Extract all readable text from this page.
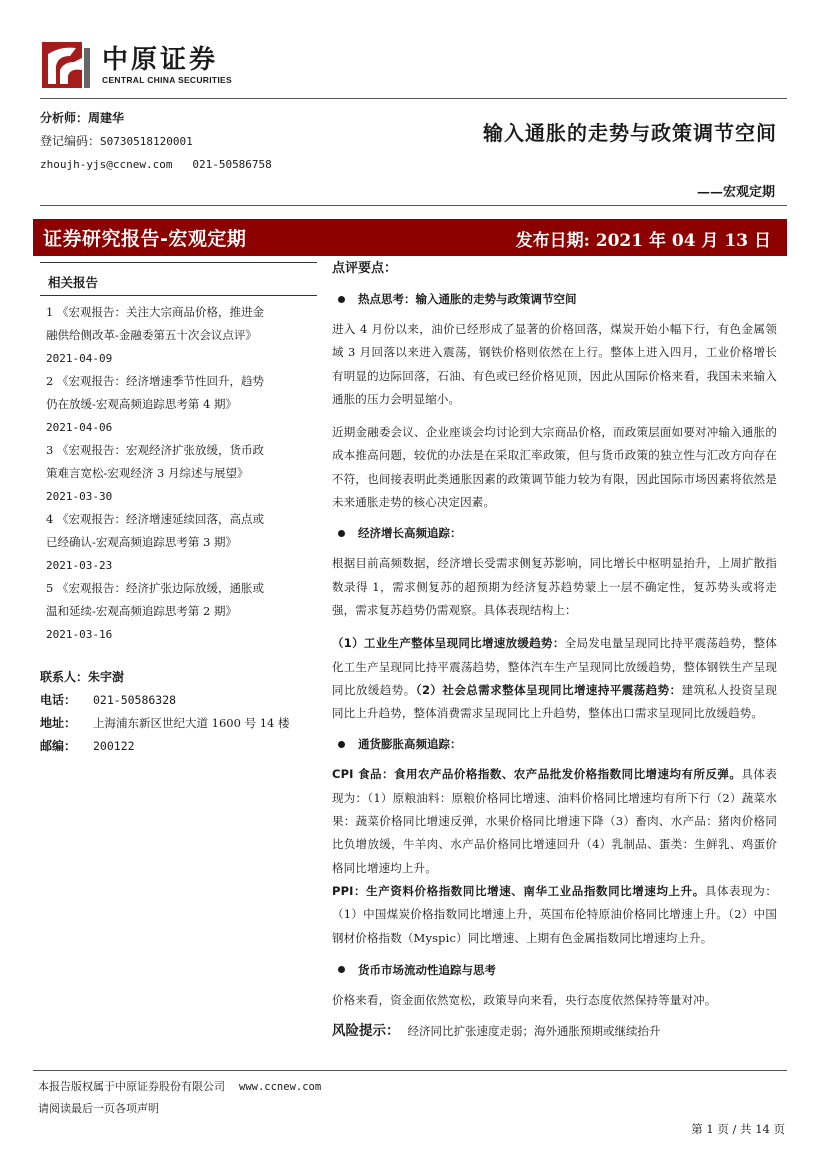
中原证券
CENTRAL CHINA SECURITIES
分析师：周建华
登记编码：S0730518120001
zhoujh-yjs@ccnew.com 021-50586758
输入通胀的走势与政策调节空间
——宏观定期
证券研究报告-宏观定期	发布日期: 2021 年 04 月 13 日
相关报告
1 《宏观报告：关注大宗商品价格，推进金
融供给侧改革-金融委第五十次会议点评》
2021-04-09
2 《宏观报告：经济增速季节性回升，趋势
仍在放缓-宏观高频追踪思考第 4 期》
2021-04-06
3 《宏观报告：宏观经济扩张放缓，货币政
策难言宽松-宏观经济 3 月综述与展望》
2021-03-30
4 《宏观报告：经济增速延续回落，高点或
已经确认-宏观高频追踪思考第 3 期》
2021-03-23
5 《宏观报告：经济扩张边际放缓，通胀或
温和延续-宏观高频追踪思考第 2 期》
2021-03-16
联系人： 朱宇澍
电话：	021-50586328
地址：	上海浦东新区世纪大道 1600 号 14 楼
邮编：	200122
点评要点：
热点思考：输入通胀的走势与政策调节空间

进入 4 月份以来，油价已经形成了显著的价格回落，煤炭开始小幅下行，有色金属领域 3 月回落以来进入震荡，钢铁价格则依然在上行。整体上进入四月，工业价格增长有明显的边际回落，石油、有色或已经价格见顶，因此从国际价格来看，我国未来输入通胀的压力会明显缩小。

近期金融委会议、企业座谈会均讨论到大宗商品价格，而政策层面如要对冲输入通胀的成本推高问题，较优的办法是在采取汇率政策，但与货币政策的独立性与汇改方向存在不符，也间接表明此类通胀因素的政策调节能力较为有限，因此国际市场因素将依然是未来通胀走势的核心决定因素。

经济增长高频追踪：

根据目前高频数据，经济增长受需求侧复苏影响，同比增长中枢明显抬升，上周扩散指数录得 1，需求侧复苏的超预期为经济复苏趋势蒙上一层不确定性，复苏势头或将走强，需求复苏趋势仍需观察。具体表现结构上：

（1）工业生产整体呈现同比增速放缓趋势：全局发电量呈现同比持平震荡趋势，整体化工生产呈现同比持平震荡趋势，整体汽车生产呈现同比放缓趋势，整体钢铁生产呈现同比放缓趋势。（2）社会总需求整体呈现同比增速持平震荡趋势：建筑私人投资呈现同比上升趋势，整体消费需求呈现同比上升趋势，整体出口需求呈现同比放缓趋势。

通货膨胀高频追踪：

CPI 食品：食用农产品价格指数、农产品批发价格指数同比增速均有所反弹。具体表现为：（1）原粮油料：原粮价格同比增速、油料价格同比增速均有所下行（2）蔬菜水果：蔬菜价格同比增速反弹，水果价格同比增速下降（3）畜肉、水产品：猪肉价格同比负增放缓，牛羊肉、水产品价格同比增速回升（4）乳制品、蛋类：生鲜乳、鸡蛋价格同比增速均上升。

PPI：生产资料价格指数同比增速、南华工业品指数同比增速均上升。具体表现为：（1）中国煤炭价格指数同比增速上升，英国布伦特原油价格同比增速上升。（2）中国钢材价格指数（Myspic）同比增速、上期有色金属指数同比增速均上升。

货币市场流动性追踪与思考

价格来看，资金面依然宽松，政策导向来看，央行态度依然保持等量对冲。

风险提示： 经济同比扩张速度走弱；海外通胀预期或继续抬升
本报告版权属于中原证券股份有限公司 www.ccnew.com
请阅读最后一页各项声明
第 1 页 / 共 14 页
